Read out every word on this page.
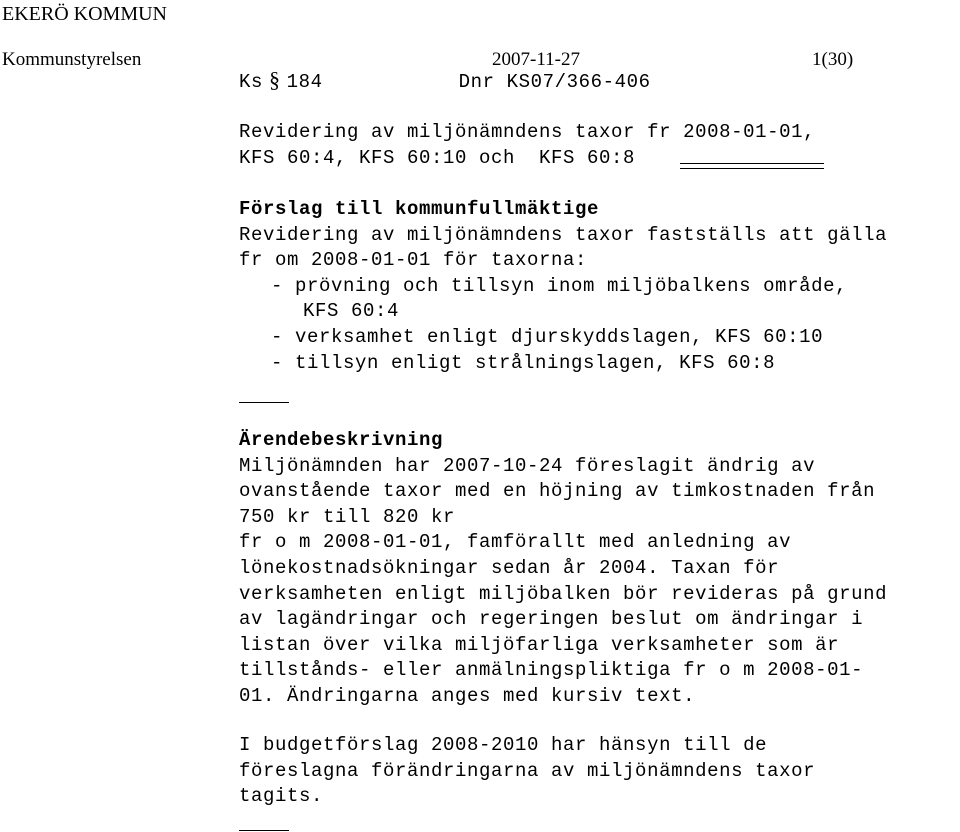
EKERÖ KOMMUN
Kommunstyrelsen	2007-11-27	1(30)
Ks § 184	Dnr KS07/366-406
Revidering av miljönämndens taxor fr 2008-01-01,
KFS 60:4, KFS 60:10 och  KFS 60:8
Förslag till kommunfullmäktige
Revidering av miljönämndens taxor fastställs att gälla
fr om 2008-01-01 för taxorna:
- prövning och tillsyn inom miljöbalkens område,
KFS 60:4
- verksamhet enligt djurskyddslagen, KFS 60:10
- tillsyn enligt strålningslagen, KFS 60:8
Ärendebeskrivning
Miljönämnden har 2007-10-24 föreslagit ändrig av
ovanstående taxor med en höjning av timkostnaden från
750 kr till 820 kr
fr o m 2008-01-01, famförallt med anledning av
lönekostnadsökningar sedan år 2004. Taxan för
verksamheten enligt miljöbalken bör revideras på grund
av lagändringar och regeringen beslut om ändringar i
listan över vilka miljöfarliga verksamheter som är
tillstånds- eller anmälningspliktiga fr o m 2008-01-
01. Ändringarna anges med kursiv text.
I budgetförslag 2008-2010 har hänsyn till de
föreslagna förändringarna av miljönämndens taxor
tagits.
